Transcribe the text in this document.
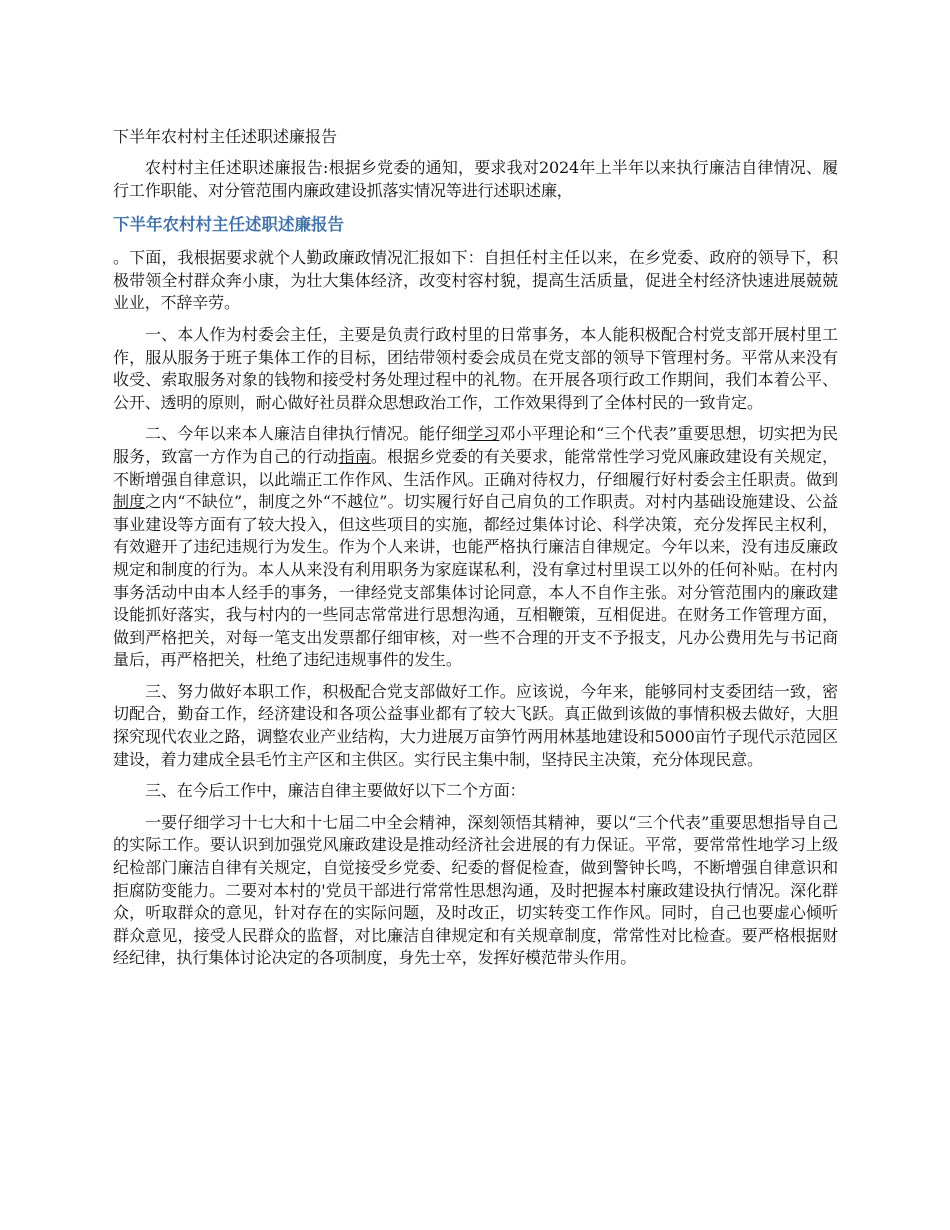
下半年农村村主任述职述廉报告

农村村主任述职述廉报告:根据乡党委的通知，要求我对2024年上半年以来执行廉洁自律情况、履行工作职能、对分管范围内廉政建设抓落实情况等进行述职述廉，

下半年农村村主任述职述廉报告

。下面，我根据要求就个人勤政廉政情况汇报如下：自担任村主任以来，在乡党委、政府的领导下，积极带领全村群众奔小康，为壮大集体经济，改变村容村貌，提高生活质量，促进全村经济快速进展兢兢业业，不辞辛劳。

一、本人作为村委会主任，主要是负责行政村里的日常事务，本人能积极配合村党支部开展村里工作，服从服务于班子集体工作的目标，团结带领村委会成员在党支部的领导下管理村务。平常从来没有收受、索取服务对象的钱物和接受村务处理过程中的礼物。在开展各项行政工作期间，我们本着公平、公开、透明的原则，耐心做好社员群众思想政治工作，工作效果得到了全体村民的一致肯定。

二、今年以来本人廉洁自律执行情况。能仔细学习邓小平理论和“三个代表”重要思想，切实把为民服务，致富一方作为自己的行动指南。根据乡党委的有关要求，能常常性学习党风廉政建设有关规定，不断增强自律意识，以此端正工作作风、生活作风。正确对待权力，仔细履行好村委会主任职责。做到制度之内“不缺位”，制度之外“不越位”。切实履行好自己肩负的工作职责。对村内基础设施建设、公益事业建设等方面有了较大投入，但这些项目的实施，都经过集体讨论、科学决策，充分发挥民主权利，有效避开了违纪违规行为发生。作为个人来讲，也能严格执行廉洁自律规定。今年以来，没有违反廉政规定和制度的行为。本人从来没有利用职务为家庭谋私利，没有拿过村里误工以外的任何补贴。在村内事务活动中由本人经手的事务，一律经党支部集体讨论同意，本人不自作主张。对分管范围内的廉政建设能抓好落实，我与村内的一些同志常常进行思想沟通，互相鞭策，互相促进。在财务工作管理方面，做到严格把关，对每一笔支出发票都仔细审核，对一些不合理的开支不予报支，凡办公费用先与书记商量后，再严格把关，杜绝了违纪违规事件的发生。

三、努力做好本职工作，积极配合党支部做好工作。应该说，今年来，能够同村支委团结一致，密切配合，勤奋工作，经济建设和各项公益事业都有了较大飞跃。真正做到该做的事情积极去做好，大胆探究现代农业之路，调整农业产业结构，大力进展万亩笋竹两用林基地建设和5000亩竹子现代示范园区建设，着力建成全县毛竹主产区和主供区。实行民主集中制，坚持民主决策，充分体现民意。

三、在今后工作中，廉洁自律主要做好以下二个方面：

一要仔细学习十七大和十七届二中全会精神，深刻领悟其精神，要以“三个代表”重要思想指导自己的实际工作。要认识到加强党风廉政建设是推动经济社会进展的有力保证。平常，要常常性地学习上级纪检部门廉洁自律有关规定，自觉接受乡党委、纪委的督促检查，做到警钟长鸣，不断增强自律意识和拒腐防变能力。二要对本村的'党员干部进行常常性思想沟通，及时把握本村廉政建设执行情况。深化群众，听取群众的意见，针对存在的实际问题，及时改正，切实转变工作作风。同时，自己也要虚心倾听群众意见，接受人民群众的监督，对比廉洁自律规定和有关规章制度，常常性对比检查。要严格根据财经纪律，执行集体讨论决定的各项制度，身先士卒，发挥好模范带头作用。
